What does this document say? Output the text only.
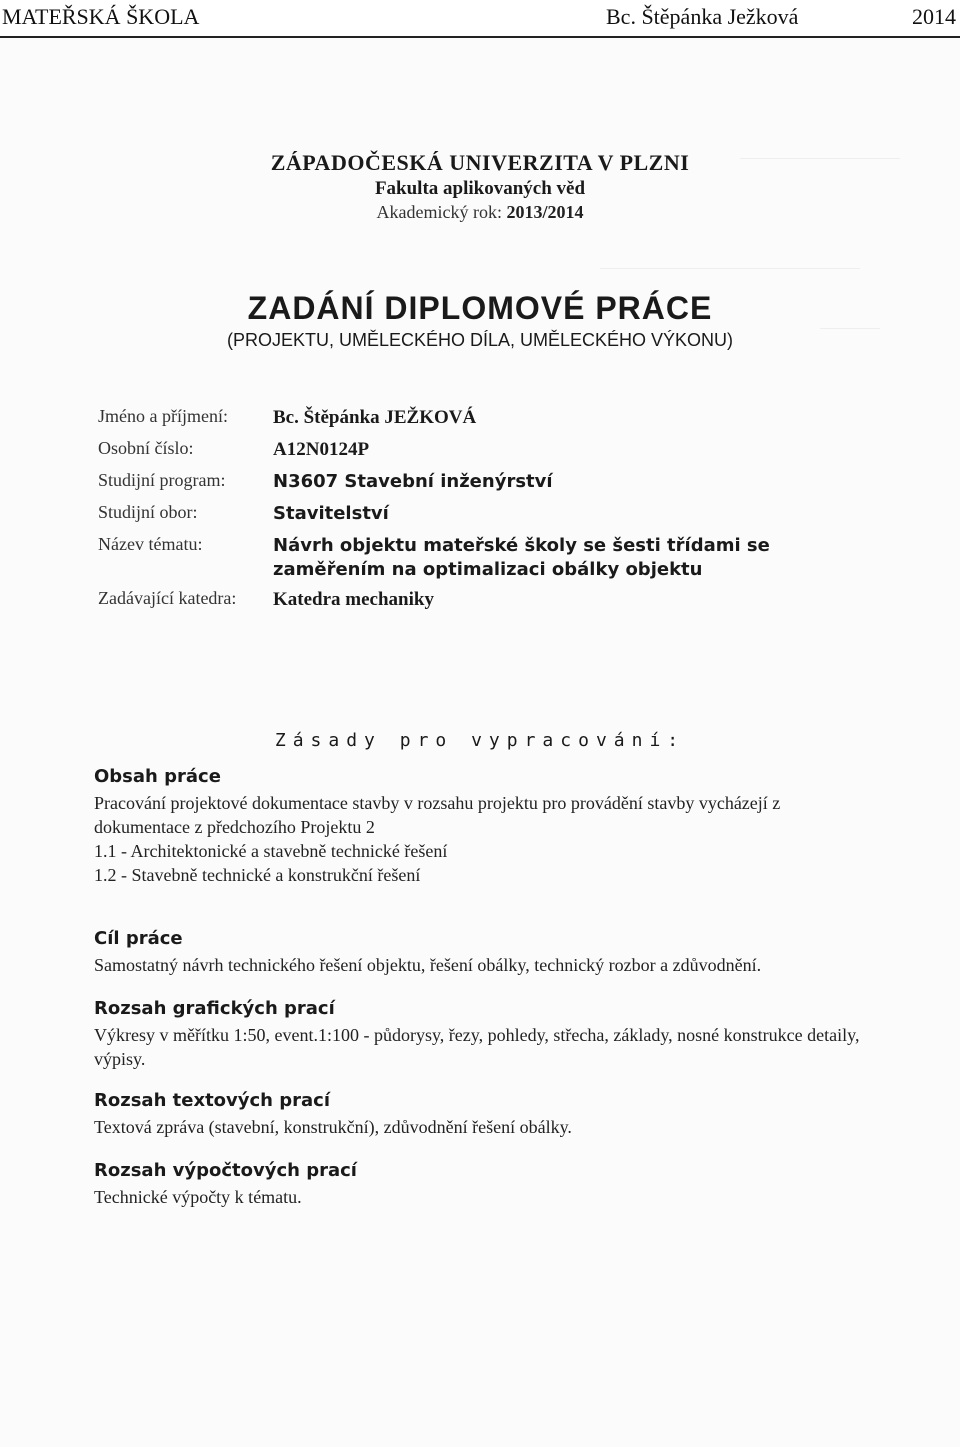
MATEŘSKÁ ŠKOLA	Bc. Štěpánka Ježková	2014
ZÁPADOČESKÁ UNIVERZITA V PLZNI
Fakulta aplikovaných věd
Akademický rok: 2013/2014
ZADÁNÍ DIPLOMOVÉ PRÁCE
(PROJEKTU, UMĚLECKÉHO DÍLA, UMĚLECKÉHO VÝKONU)
Jméno a příjmení: Bc. Štěpánka JEŽKOVÁ
Osobní číslo:	A12N0124P
Studijní program:	N3607 Stavební inženýrství
Studijní obor:	Stavitelství
Název tématu:	Návrh objektu mateřské školy se šesti třídami se zaměřením na optimalizaci obálky objektu
Zadávající katedra: Katedra mechaniky
Zásady pro vypracování:
Obsah práce

Pracování projektové dokumentace stavby v rozsahu projektu pro provádění stavby vycházejí z dokumentace z předchozího Projektu 2

1.1 - Architektonické a stavebně technické řešení

1.2 - Stavebně technické a konstrukční řešení

Cíl práce

Samostatný návrh technického řešení objektu, řešení obálky, technický rozbor a zdůvodnění.

Rozsah grafických prací

Výkresy v měřítku 1:50, event.1:100 - půdorysy, řezy, pohledy, střecha, základy, nosné konstrukce detaily, výpisy.

Rozsah textových prací

Textová zpráva (stavební, konstrukční), zdůvodnění řešení obálky.

Rozsah výpočtových prací

Technické výpočty k tématu.
